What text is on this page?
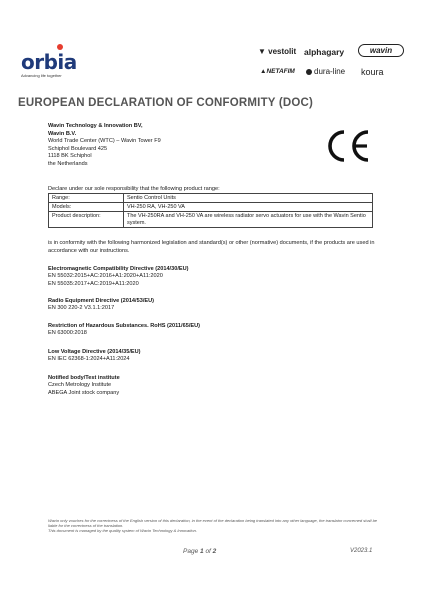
orbia
Advancing life together
▼ vestolit alphagary	wavin
▲NETAFIM	dura-line koura
EUROPEAN DECLARATION OF CONFORMITY (DOC)
Wavin Technology & Innovation BV,
Wavin B.V.
World Trade Center (WTC) – Wavin Tower F9
Schiphol Boulevard 425
1118 BK Schiphol
the Netherlands
Declare under our sole responsibility that the following product range:
Range:	Sentio Control Units
Models:	VH-250 RA, VH-250 VA
Product description:	The VH-250RA and VH-250 VA are wireless radiator servo actuators for use with the Wavin Sentio system.
is in conformity with the following harmonized legislation and standard(s) or other (normative) documents, if the products are used in accordance with our instructions.
Electromagnetic Compatibility Directive (2014/30/EU)
EN 55032:2015+AC:2016+A1:2020+A11:2020
EN 55035:2017+AC:2019+A11:2020
Radio Equipment Directive (2014/53/EU)
EN 300 220-2 V3.1.1:2017
Restriction of Hazardous Substances. RoHS (2011/65/EU)
EN 63000:2018
Low Voltage Directive (2014/35/EU)
EN IEC 62368-1:2024+A11:2024
Notified body/Test institute
Czech Metrology Institute
ABEGA Joint stock company
Wavin only vouches for the correctness of the English version of this declaration, in the event of the declaration being translated into any other language, the translator concerned shall be liable for the correctness of the translation.
This document is managed by the quality system of Wavin Technology & Innovation.
Page 1 of 2	V2023.1
